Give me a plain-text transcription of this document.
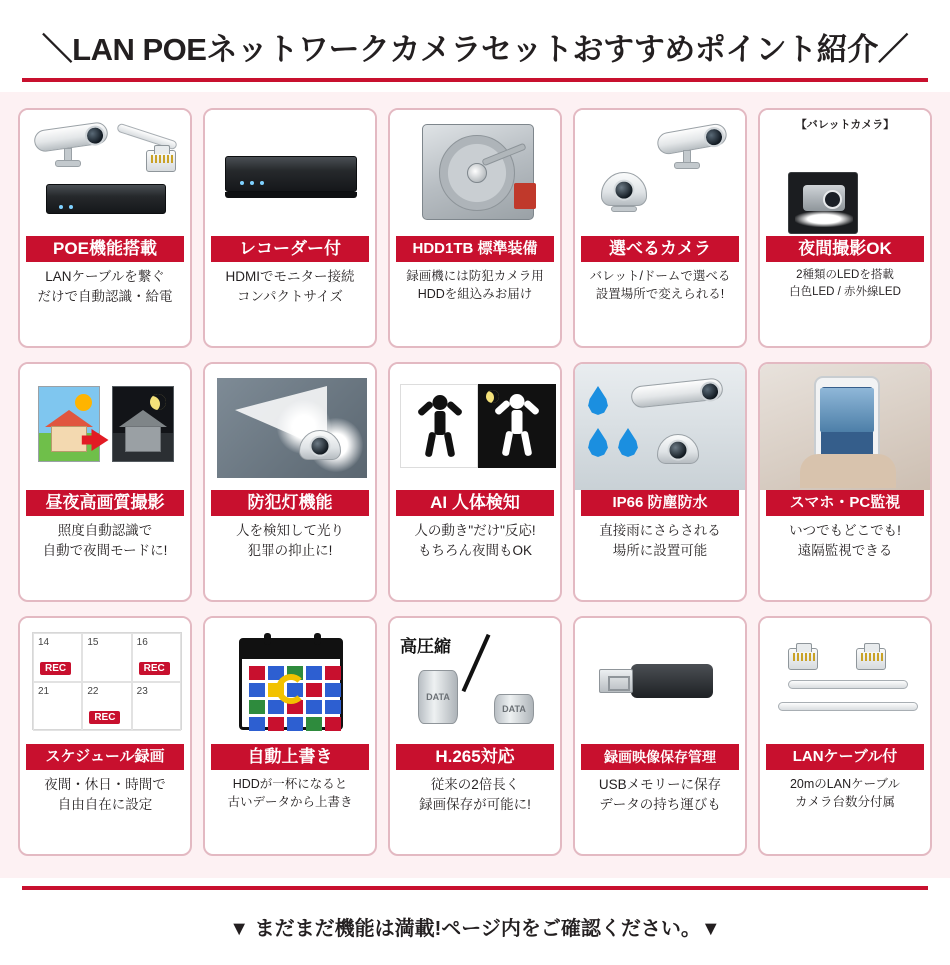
＼LAN POEネットワークカメラセットおすすめポイント紹介／
POE機能搭載
LANケーブルを繋ぐ
だけで自動認識・給電
レコーダー付
HDMIでモニター接続
コンパクトサイズ
HDD1TB 標準装備
録画機には防犯カメラ用
HDDを組込みお届け
選べるカメラ
バレット/ドームで選べる
設置場所で変えられる!
【バレットカメラ】
夜間撮影OK
2種類のLEDを搭載
白色LED / 赤外線LED
昼夜高画質撮影
照度自動認識で
自動で夜間モードに!
防犯灯機能
人を検知して光り
犯罪の抑止に!
AI 人体検知
人の動き"だけ"反応!
もちろん夜間もOK
IP66 防塵防水
直接雨にさらされる
場所に設置可能
スマホ・PC監視
いつでもどこでも!
遠隔監視できる
14
REC
15	16
REC
21	22
REC
23
スケジュール録画
夜間・休日・時間で
自由自在に設定
自動上書き
HDDが一杯になると
古いデータから上書き
高圧縮
DATA
DATA
H.265対応
従来の2倍長く
録画保存が可能に!
録画映像保存管理
USBメモリーに保存
データの持ち運びも
LANケーブル付
20mのLANケーブル
カメラ台数分付属
▼ まだまだ機能は満載!ページ内をご確認ください。▼
